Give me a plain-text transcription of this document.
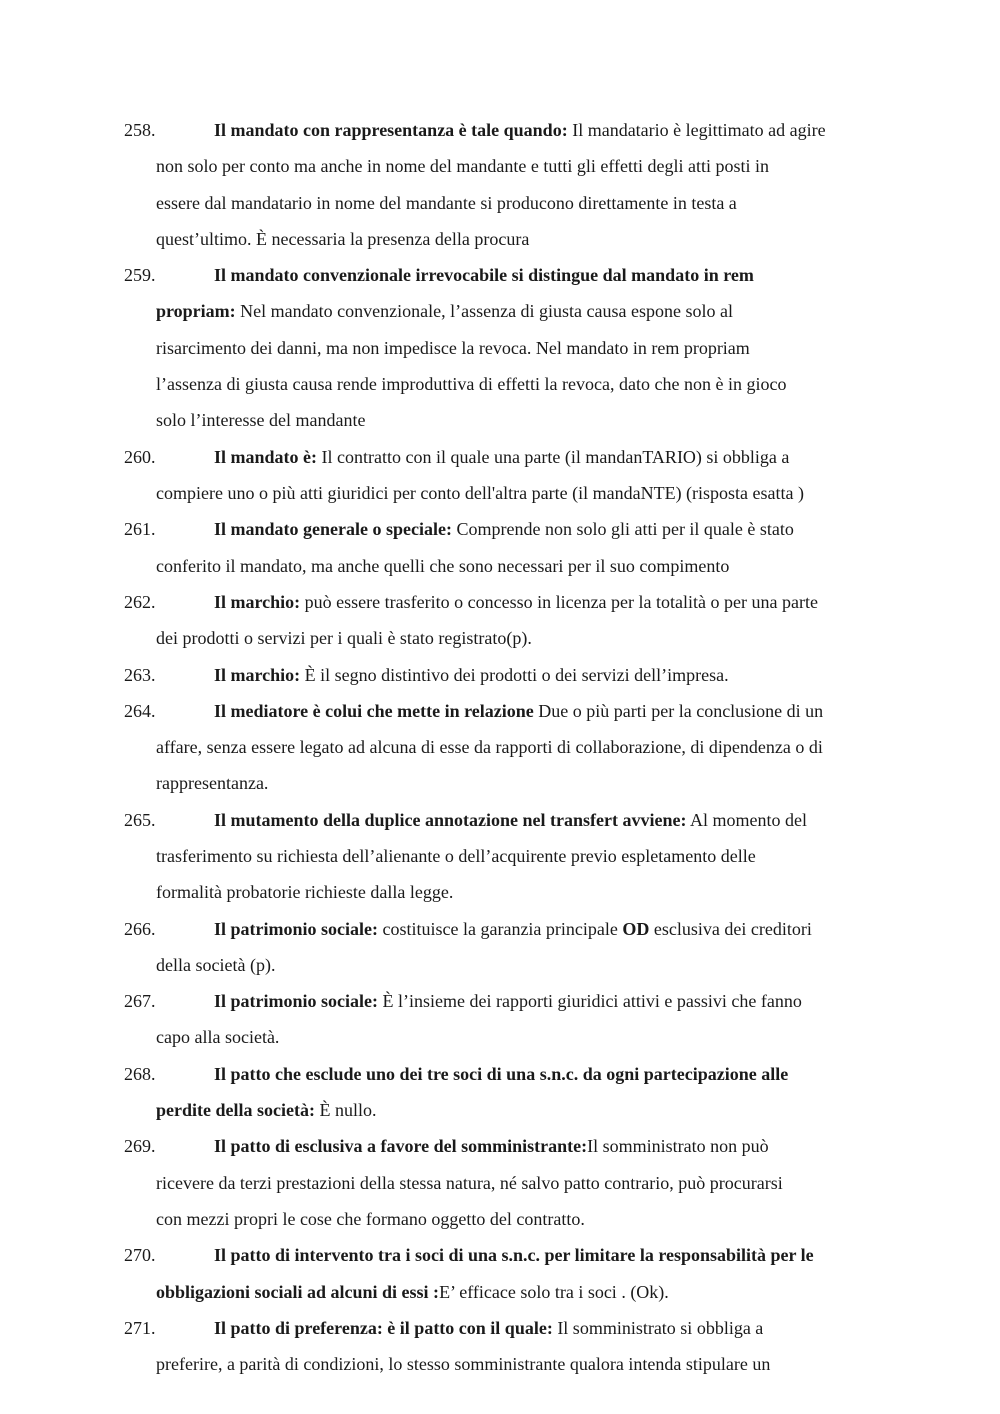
258.	Il mandato con rappresentanza è tale quando: Il mandatario è legittimato ad agire
non solo per conto ma anche in nome del mandante e tutti gli effetti degli atti posti in
essere dal mandatario in nome del mandante si producono direttamente in testa a
quest’ultimo. È necessaria la presenza della procura
259.	Il mandato convenzionale irrevocabile si distingue dal mandato in rem
propriam: Nel mandato convenzionale, l’assenza di giusta causa espone solo al
risarcimento dei danni, ma non impedisce la revoca. Nel mandato in rem propriam
l’assenza di giusta causa rende improduttiva di effetti la revoca, dato che non è in gioco
solo l’interesse del mandante
260.	Il mandato è: Il contratto con il quale una parte (il mandanTARIO) si obbliga a
compiere uno o più atti giuridici per conto dell'altra parte (il mandaNTE) (risposta esatta )
261.	Il mandato generale o speciale: Comprende non solo gli atti per il quale è stato
conferito il mandato, ma anche quelli che sono necessari per il suo compimento
262.	Il marchio: può essere trasferito o concesso in licenza per la totalità o per una parte
dei prodotti o servizi per i quali è stato registrato(p).
263.	Il marchio: È il segno distintivo dei prodotti o dei servizi dell’impresa.
264.	Il mediatore è colui che mette in relazione Due o più parti per la conclusione di un
affare, senza essere legato ad alcuna di esse da rapporti di collaborazione, di dipendenza o di
rappresentanza.
265.	Il mutamento della duplice annotazione nel transfert avviene: Al momento del
trasferimento su richiesta dell’alienante o dell’acquirente previo espletamento delle
formalità probatorie richieste dalla legge.
266.	Il patrimonio sociale: costituisce la garanzia principale OD esclusiva dei creditori
della società (p).
267.	Il patrimonio sociale: È l’insieme dei rapporti giuridici attivi e passivi che fanno
capo alla società.
268.	Il patto che esclude uno dei tre soci di una s.n.c. da ogni partecipazione alle
perdite della società: È nullo.
269.	Il patto di esclusiva a favore del somministrante:Il somministrato non può
ricevere da terzi prestazioni della stessa natura, né salvo patto contrario, può procurarsi
con mezzi propri le cose che formano oggetto del contratto.
270.	Il patto di intervento tra i soci di una s.n.c. per limitare la responsabilità per le
obbligazioni sociali ad alcuni di essi :E’ efficace solo tra i soci . (Ok).
271.	Il patto di preferenza: è il patto con il quale: Il somministrato si obbliga a
preferire, a parità di condizioni, lo stesso somministrante qualora intenda stipulare un
